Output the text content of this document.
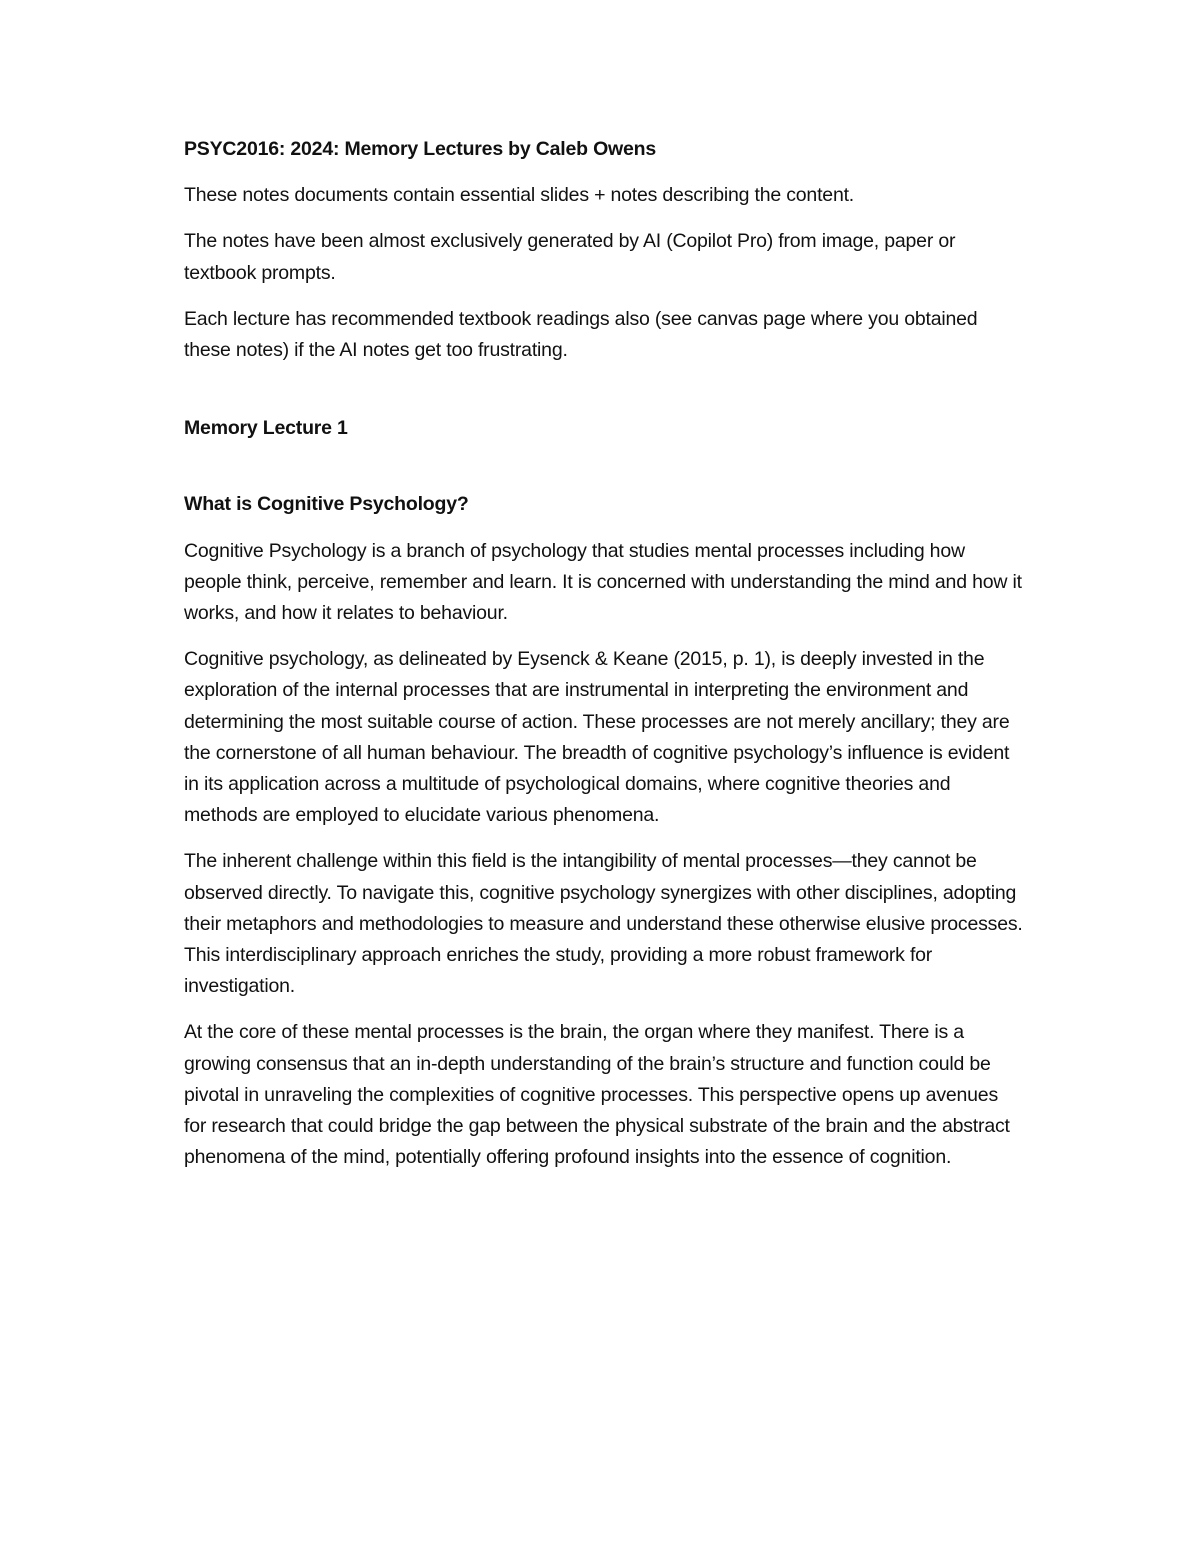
PSYC2016: 2024: Memory Lectures by Caleb Owens

These notes documents contain essential slides + notes describing the content.

The notes have been almost exclusively generated by AI (Copilot Pro) from image, paper or textbook prompts.

Each lecture has recommended textbook readings also (see canvas page where you obtained these notes) if the AI notes get too frustrating.

Memory Lecture 1

What is Cognitive Psychology?

Cognitive Psychology is a branch of psychology that studies mental processes including how people think, perceive, remember and learn. It is concerned with understanding the mind and how it works, and how it relates to behaviour.

Cognitive psychology, as delineated by Eysenck & Keane (2015, p. 1), is deeply invested in the exploration of the internal processes that are instrumental in interpreting the environment and determining the most suitable course of action. These processes are not merely ancillary; they are the cornerstone of all human behaviour. The breadth of cognitive psychology’s influence is evident in its application across a multitude of psychological domains, where cognitive theories and methods are employed to elucidate various phenomena.

The inherent challenge within this field is the intangibility of mental processes—they cannot be observed directly. To navigate this, cognitive psychology synergizes with other disciplines, adopting their metaphors and methodologies to measure and understand these otherwise elusive processes. This interdisciplinary approach enriches the study, providing a more robust framework for investigation.

At the core of these mental processes is the brain, the organ where they manifest. There is a growing consensus that an in-depth understanding of the brain’s structure and function could be pivotal in unraveling the complexities of cognitive processes. This perspective opens up avenues for research that could bridge the gap between the physical substrate of the brain and the abstract phenomena of the mind, potentially offering profound insights into the essence of cognition.
